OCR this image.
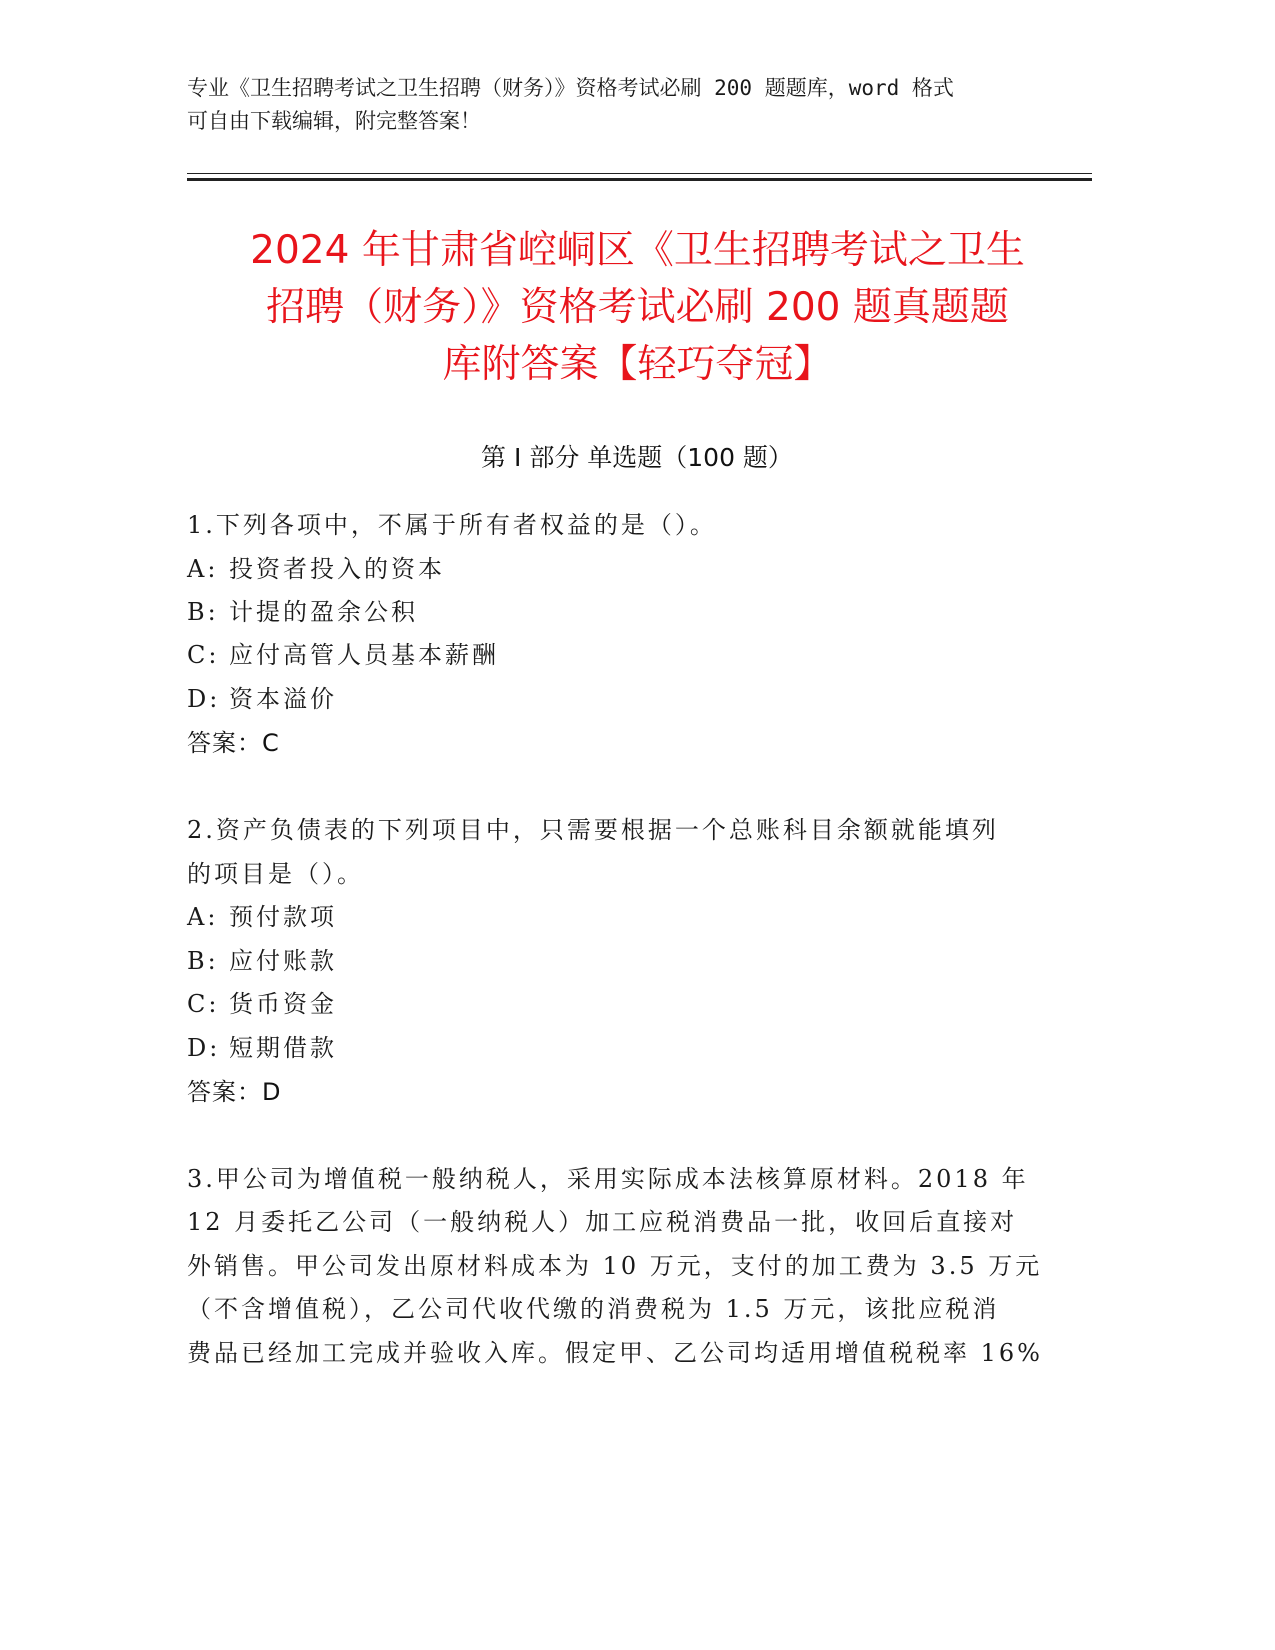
专业《卫生招聘考试之卫生招聘（财务）》资格考试必刷 200 题题库，word 格式
可自由下载编辑，附完整答案！
2024 年甘肃省崆峒区《卫生招聘考试之卫生
招聘（财务）》资格考试必刷 200 题真题题
库附答案【轻巧夺冠】
第 I 部分 单选题（100 题）
1.下列各项中，不属于所有者权益的是（）。
A: 投资者投入的资本
B: 计提的盈余公积
C: 应付高管人员基本薪酬
D: 资本溢价
答案：C
2.资产负债表的下列项目中，只需要根据一个总账科目余额就能填列
的项目是（）。
A: 预付款项
B: 应付账款
C: 货币资金
D: 短期借款
答案：D
3.甲公司为增值税一般纳税人，采用实际成本法核算原材料。2018 年
12 月委托乙公司（一般纳税人）加工应税消费品一批，收回后直接对
外销售。甲公司发出原材料成本为 10 万元，支付的加工费为 3.5 万元
（不含增值税），乙公司代收代缴的消费税为 1.5 万元，该批应税消
费品已经加工完成并验收入库。假定甲、乙公司均适用增值税税率 16%
